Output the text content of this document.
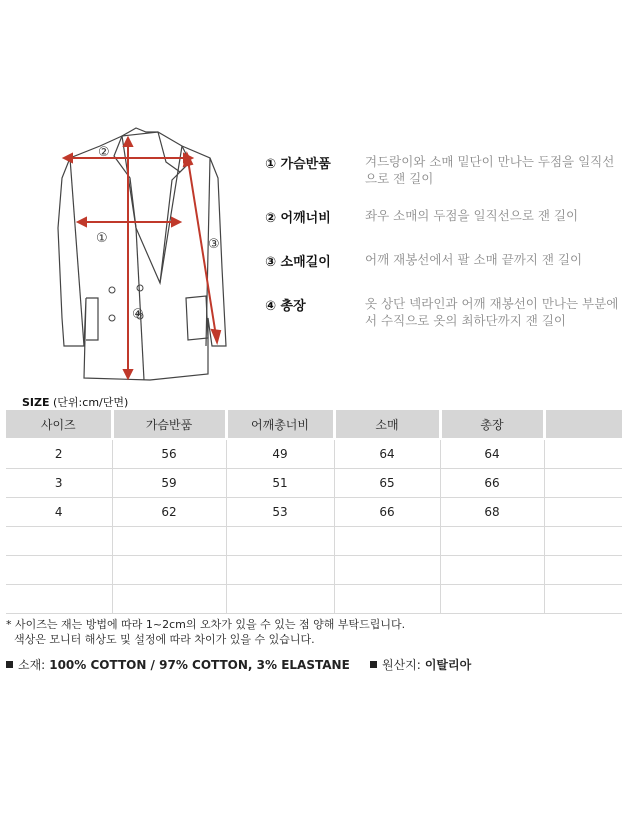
①
②
③
④
① 가슴반품	겨드랑이와 소매 밑단이 만나는 두점을 일직선으로 잰 길이
② 어깨너비	좌우 소매의 두점을 일직선으로 잰 길이
③ 소매길이	어깨 재봉선에서 팔 소매 끝까지 잰 길이
④ 총장	옷 상단 넥라인과 어깨 재봉선이 만나는 부분에서 수직으로 옷의 최하단까지 잰 길이
SIZE (단위:cm/단면)
사이즈	가슴반품	어깨총너비	소매	총장	
2	56	49	64	64	
3	59	51	65	66	
4	62	53	66	68	

* 사이즈는 재는 방법에 따라 1~2cm의 오차가 있을 수 있는 점 양해 부탁드립니다.
색상은 모니터 해상도 및 설정에 따라 차이가 있을 수 있습니다.
소재: 100% COTTON / 97% COTTON, 3% ELASTANE	원산지: 이탈리아
